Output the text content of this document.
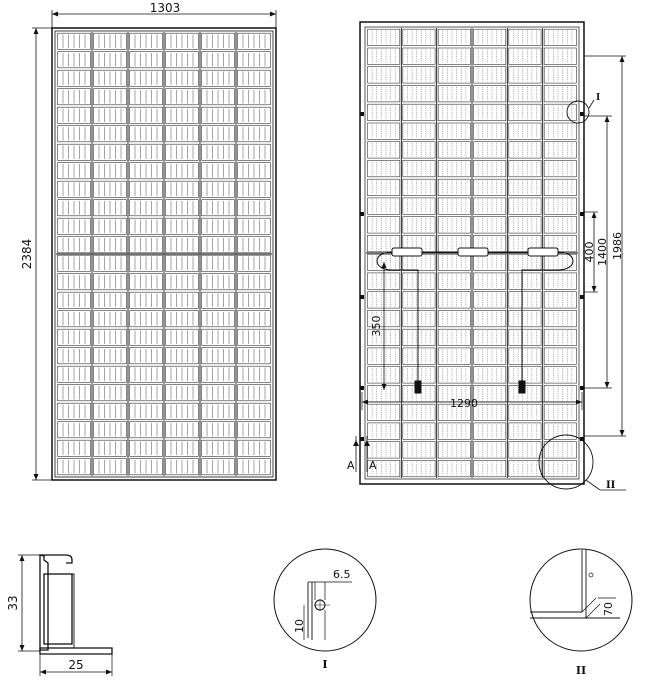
1303
2384
I
II
A A
1986
1400
400
350
1290
33
25
6.5
10
I
70
II
